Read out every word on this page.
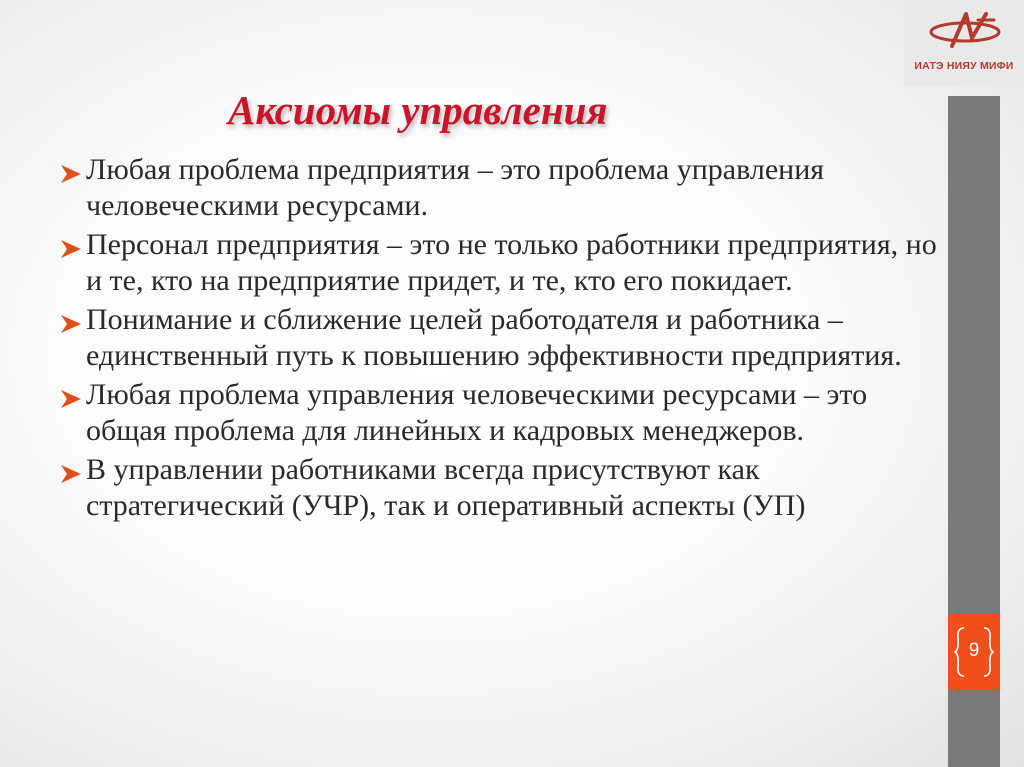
ИАТЭ НИЯУ МИФИ
9
Аксиомы управления
Любая проблема предприятия – это проблема управления человеческими ресурсами.
Персонал предприятия – это не только работники предприятия, но и те, кто на предприятие придет, и те, кто его покидает.
Понимание и сближение целей работодателя и работника – единственный путь к повышению эффективности предприятия.
Любая проблема управления человеческими ресурсами – это общая проблема для линейных и кадровых менеджеров.
В управлении работниками всегда присутствуют как стратегический (УЧР), так и оперативный аспекты (УП)
